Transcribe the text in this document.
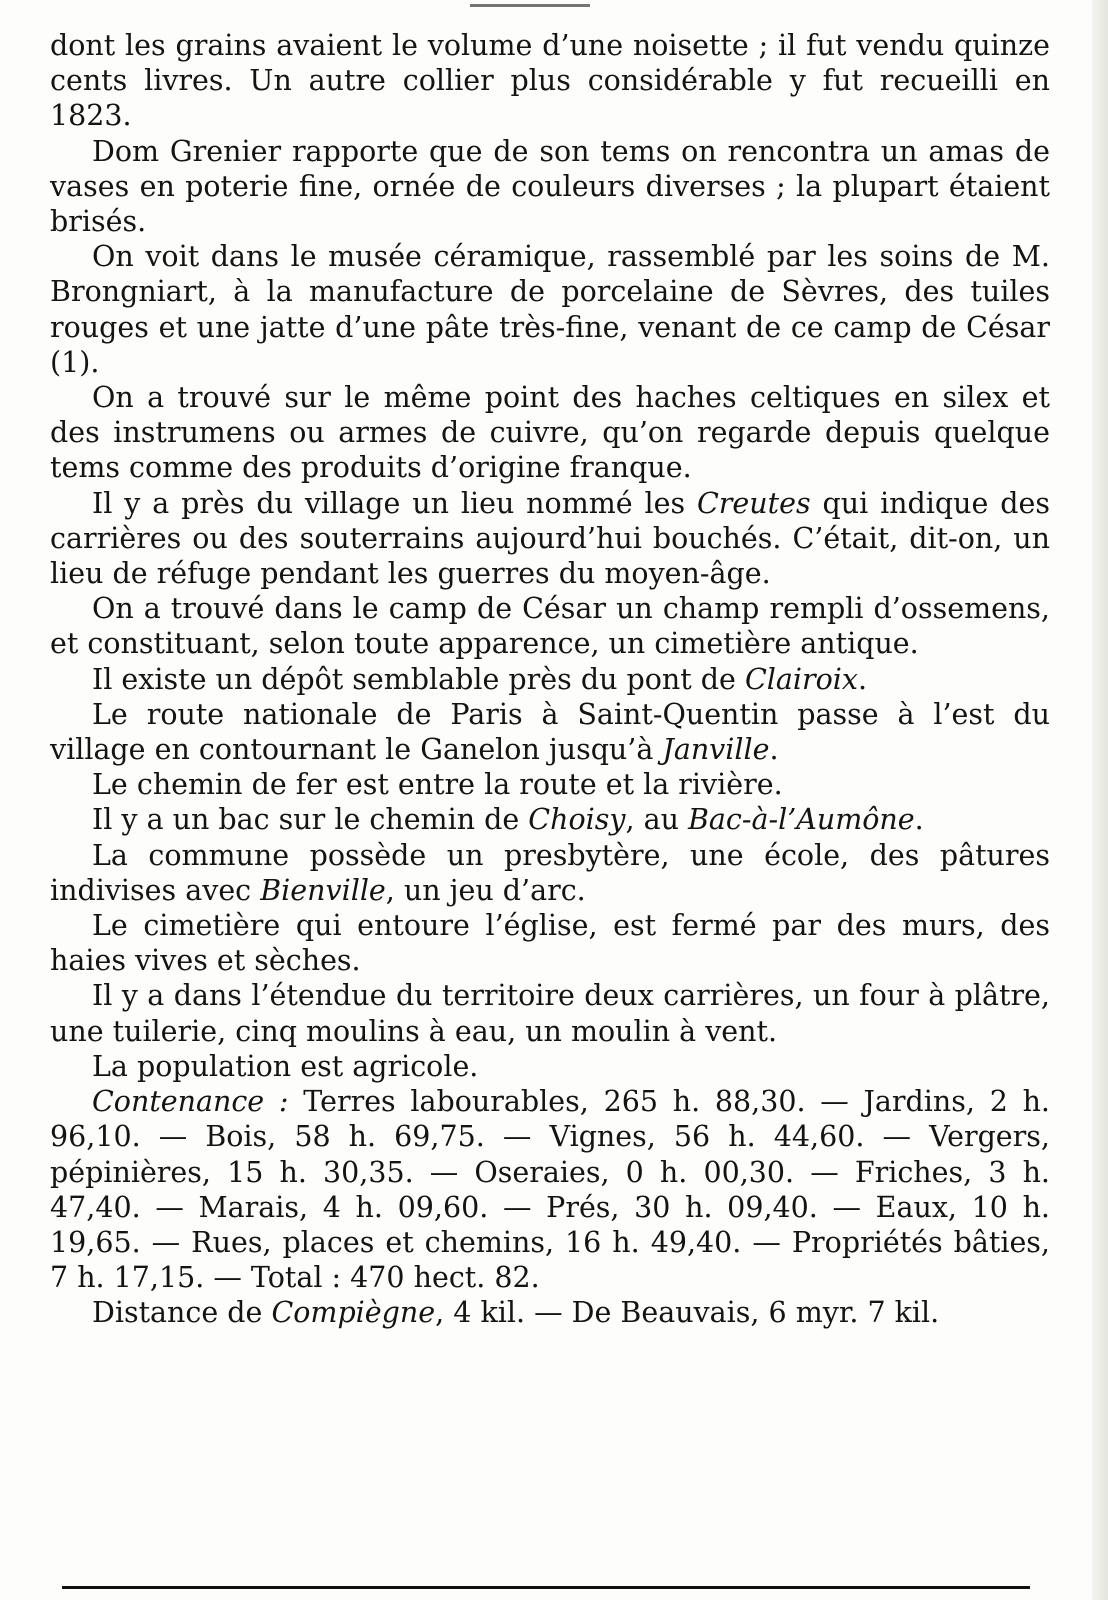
dont les grains avaient le volume d’une noisette ; il fut vendu quinze cents livres. Un autre collier plus considérable y fut recueilli en 1823.

Dom Grenier rapporte que de son tems on rencontra un amas de vases en poterie fine, ornée de couleurs diverses ; la plupart étaient brisés.

On voit dans le musée céramique, rassemblé par les soins de M. Brongniart, à la manufacture de porcelaine de Sèvres, des tuiles rouges et une jatte d’une pâte très-fine, venant de ce camp de César (1).

On a trouvé sur le même point des haches celtiques en silex et des instrumens ou armes de cuivre, qu’on regarde depuis quelque tems comme des produits d’origine franque.

Il y a près du village un lieu nommé les Creutes qui indique des carrières ou des souterrains aujourd’hui bouchés. C’était, dit-on, un lieu de réfuge pendant les guerres du moyen-âge.

On a trouvé dans le camp de César un champ rempli d’ossemens, et constituant, selon toute apparence, un cimetière antique.

Il existe un dépôt semblable près du pont de Clairoix.

Le route nationale de Paris à Saint-Quentin passe à l’est du village en contournant le Ganelon jusqu’à Janville.

Le chemin de fer est entre la route et la rivière.

Il y a un bac sur le chemin de Choisy, au Bac-à-l’Aumône.

La commune possède un presbytère, une école, des pâtures indivises avec Bienville, un jeu d’arc.

Le cimetière qui entoure l’église, est fermé par des murs, des haies vives et sèches.

Il y a dans l’étendue du territoire deux carrières, un four à plâtre, une tuilerie, cinq moulins à eau, un moulin à vent.

La population est agricole.

Contenance : Terres labourables, 265 h. 88,30. — Jardins, 2 h. 96,10. — Bois, 58 h. 69,75. — Vignes, 56 h. 44,60. — Vergers, pépinières, 15 h. 30,35. — Oseraies, 0 h. 00,30. — Friches, 3 h. 47,40. — Marais, 4 h. 09,60. — Prés, 30 h. 09,40. — Eaux, 10 h. 19,65. — Rues, places et chemins, 16 h. 49,40. — Propriétés bâties, 7 h. 17,15. — Total : 470 hect. 82.

Distance de Compiègne, 4 kil. — De Beauvais, 6 myr. 7 kil.
